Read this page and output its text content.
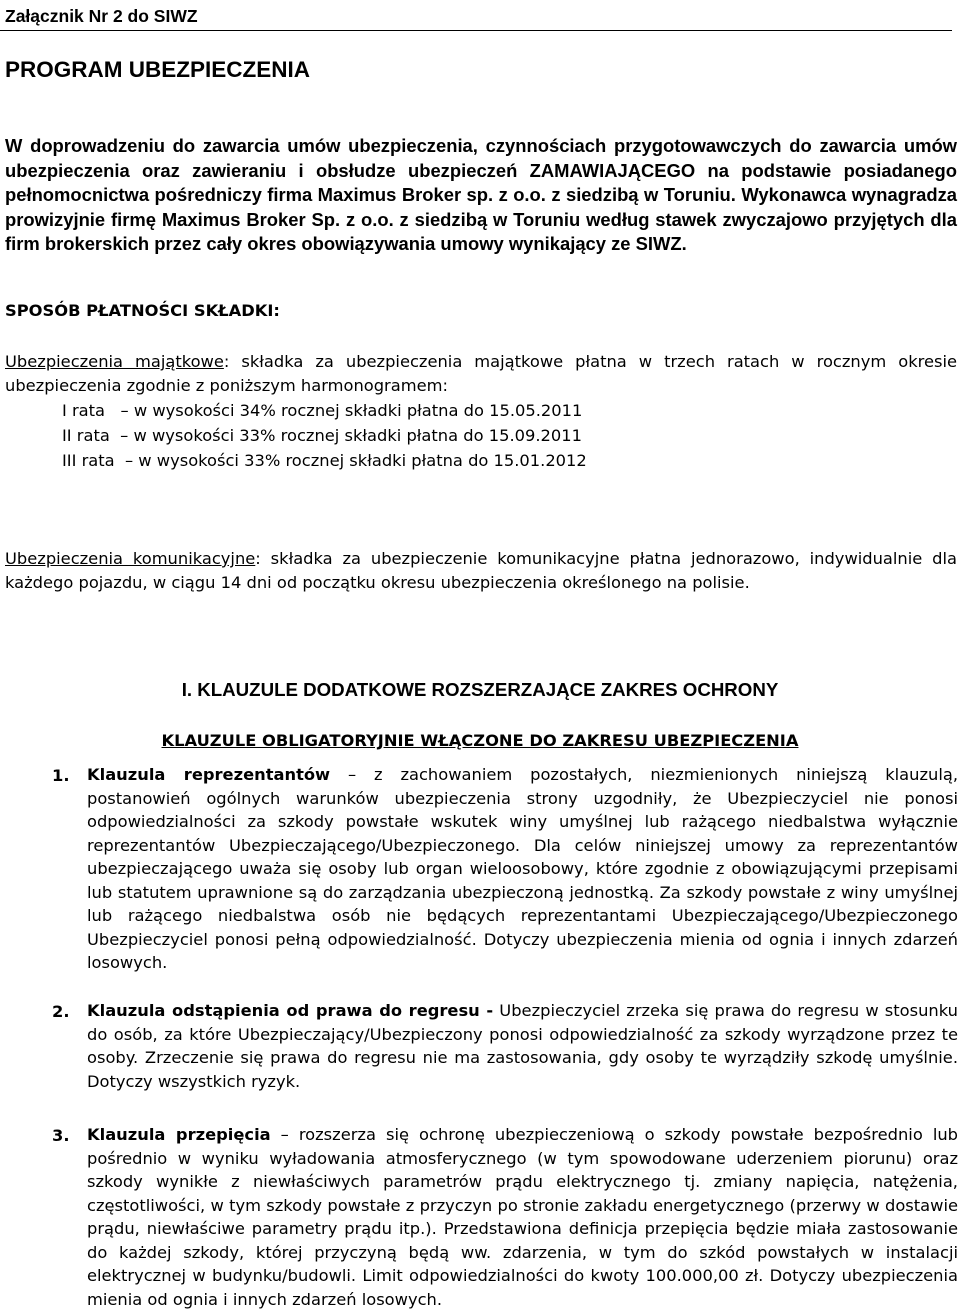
Załącznik Nr 2 do SIWZ
PROGRAM UBEZPIECZENIA

W doprowadzeniu do zawarcia umów ubezpieczenia, czynnościach przygotowawczych do zawarcia umów ubezpieczenia oraz zawieraniu i obsłudze ubezpieczeń ZAMAWIAJĄCEGO na podstawie posiadanego pełnomocnictwa pośredniczy firma Maximus Broker sp. z o.o. z siedzibą w Toruniu. Wykonawca wynagradza prowizyjnie firmę Maximus Broker Sp. z o.o. z siedzibą w Toruniu według stawek zwyczajowo przyjętych dla firm brokerskich przez cały okres obowiązywania umowy wynikający ze SIWZ.

SPOSÓB PŁATNOŚCI SKŁADKI:

Ubezpieczenia majątkowe: składka za ubezpieczenia majątkowe płatna w trzech ratach w rocznym okresie ubezpieczenia zgodnie z poniższym harmonogramem:

I rata   – w wysokości 34% rocznej składki płatna do 15.05.2011
II rata  – w wysokości 33% rocznej składki płatna do 15.09.2011
III rata  – w wysokości 33% rocznej składki płatna do 15.01.2012

Ubezpieczenia komunikacyjne: składka za ubezpieczenie komunikacyjne płatna jednorazowo, indywidualnie dla każdego pojazdu, w ciągu 14 dni od początku okresu ubezpieczenia określonego na polisie.

I. KLAUZULE DODATKOWE ROZSZERZAJĄCE ZAKRES OCHRONY
KLAUZULE OBLIGATORYJNIE WŁĄCZONE DO ZAKRESU UBEZPIECZENIA
1. Klauzula reprezentantów – z zachowaniem pozostałych, niezmienionych niniejszą klauzulą, postanowień ogólnych warunków ubezpieczenia strony uzgodniły, że Ubezpieczyciel nie ponosi odpowiedzialności za szkody powstałe wskutek winy umyślnej lub rażącego niedbalstwa wyłącznie reprezentantów Ubezpieczającego/Ubezpieczonego. Dla celów niniejszej umowy za reprezentantów ubezpieczającego uważa się osoby lub organ wieloosobowy, które zgodnie z obowiązującymi przepisami lub statutem uprawnione są do zarządzania ubezpieczoną jednostką. Za szkody powstałe z winy umyślnej lub rażącego niedbalstwa osób nie będących reprezentantami Ubezpieczającego/Ubezpieczonego Ubezpieczyciel ponosi pełną odpowiedzialność. Dotyczy ubezpieczenia mienia od ognia i innych zdarzeń losowych.

2. Klauzula odstąpienia od prawa do regresu - Ubezpieczyciel zrzeka się prawa do regresu w stosunku do osób, za które Ubezpieczający/Ubezpieczony ponosi odpowiedzialność za szkody wyrządzone przez te osoby. Zrzeczenie się prawa do regresu nie ma zastosowania, gdy osoby te wyrządziły szkodę umyślnie. Dotyczy wszystkich ryzyk.

3. Klauzula przepięcia – rozszerza się ochronę ubezpieczeniową o szkody powstałe bezpośrednio lub pośrednio w wyniku wyładowania atmosferycznego (w tym spowodowane uderzeniem piorunu) oraz szkody wynikłe z niewłaściwych parametrów prądu elektrycznego tj. zmiany napięcia, natężenia, częstotliwości, w tym szkody powstałe z przyczyn po stronie zakładu energetycznego (przerwy w dostawie prądu, niewłaściwe parametry prądu itp.). Przedstawiona definicja przepięcia będzie miała zastosowanie do każdej szkody, której przyczyną będą ww. zdarzenia, w tym do szkód powstałych w instalacji elektrycznej w budynku/budowli. Limit odpowiedzialności do kwoty 100.000,00 zł. Dotyczy ubezpieczenia mienia od ognia i innych zdarzeń losowych.
